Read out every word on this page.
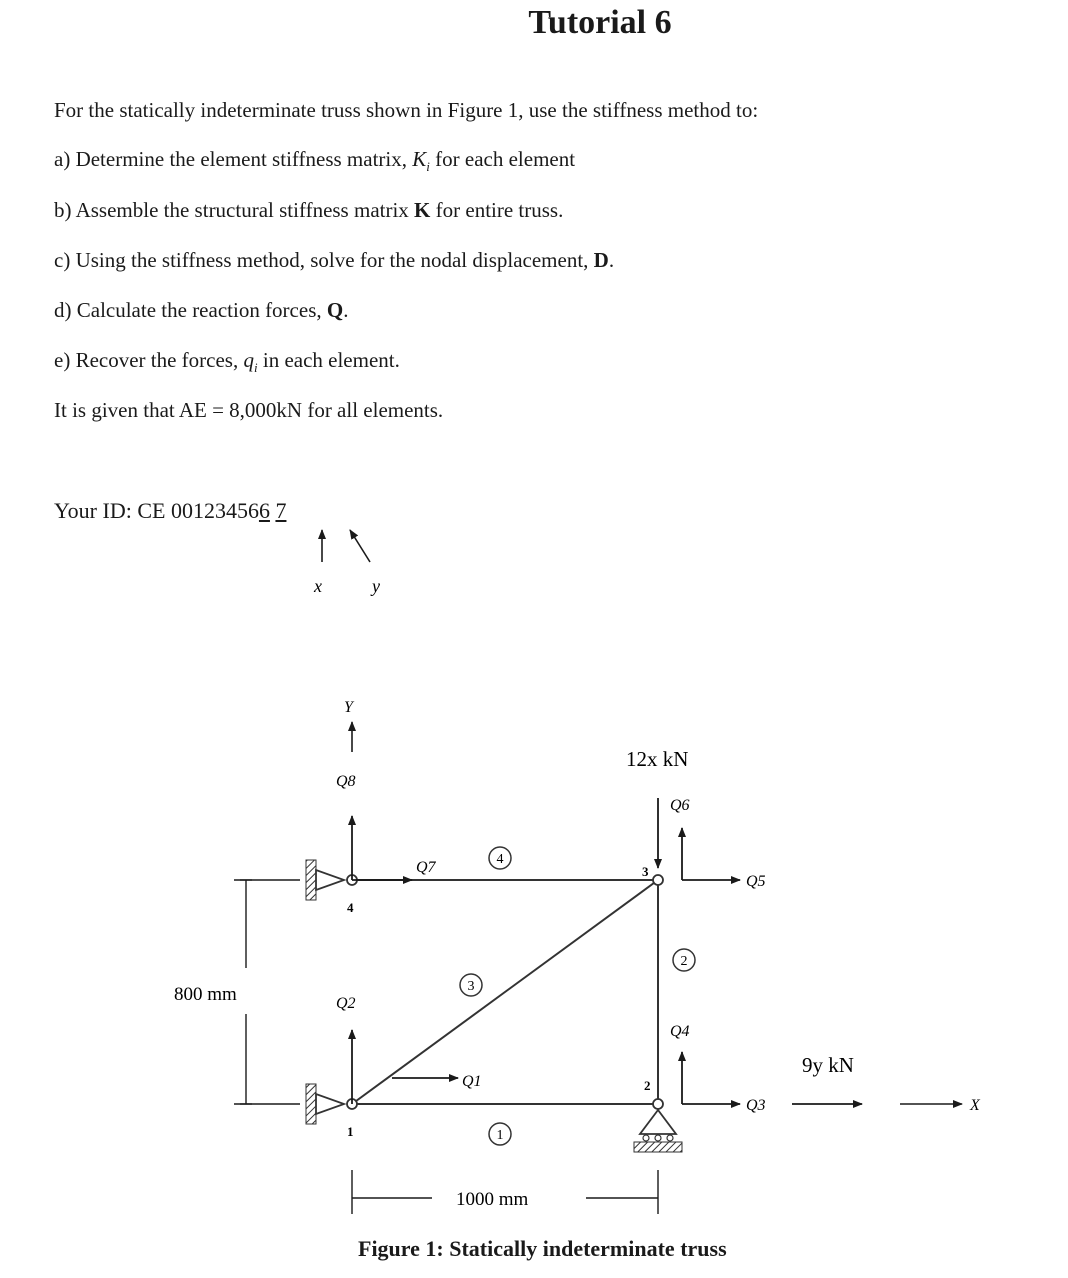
Tutorial 6
For the statically indeterminate truss shown in Figure 1, use the stiffness method to:
a) Determine the element stiffness matrix, $K_i$ for each element
b) Assemble the structural stiffness matrix K for entire truss.
c) Using the stiffness method, solve for the nodal displacement, D.
d) Calculate the reaction forces, Q.
e) Recover the forces, $q_i$ in each element.
It is given that AE = 8,000kN for all elements.
Your ID: CE 001234566 7
x	y
1
2
3
4
1
2
3
4
Q8
Q7
Q2
Q1
Q6
Q5
Q4
Q3
Y
X
12x kN
9y kN
800 mm
1000 mm
Figure 1: Statically indeterminate truss
